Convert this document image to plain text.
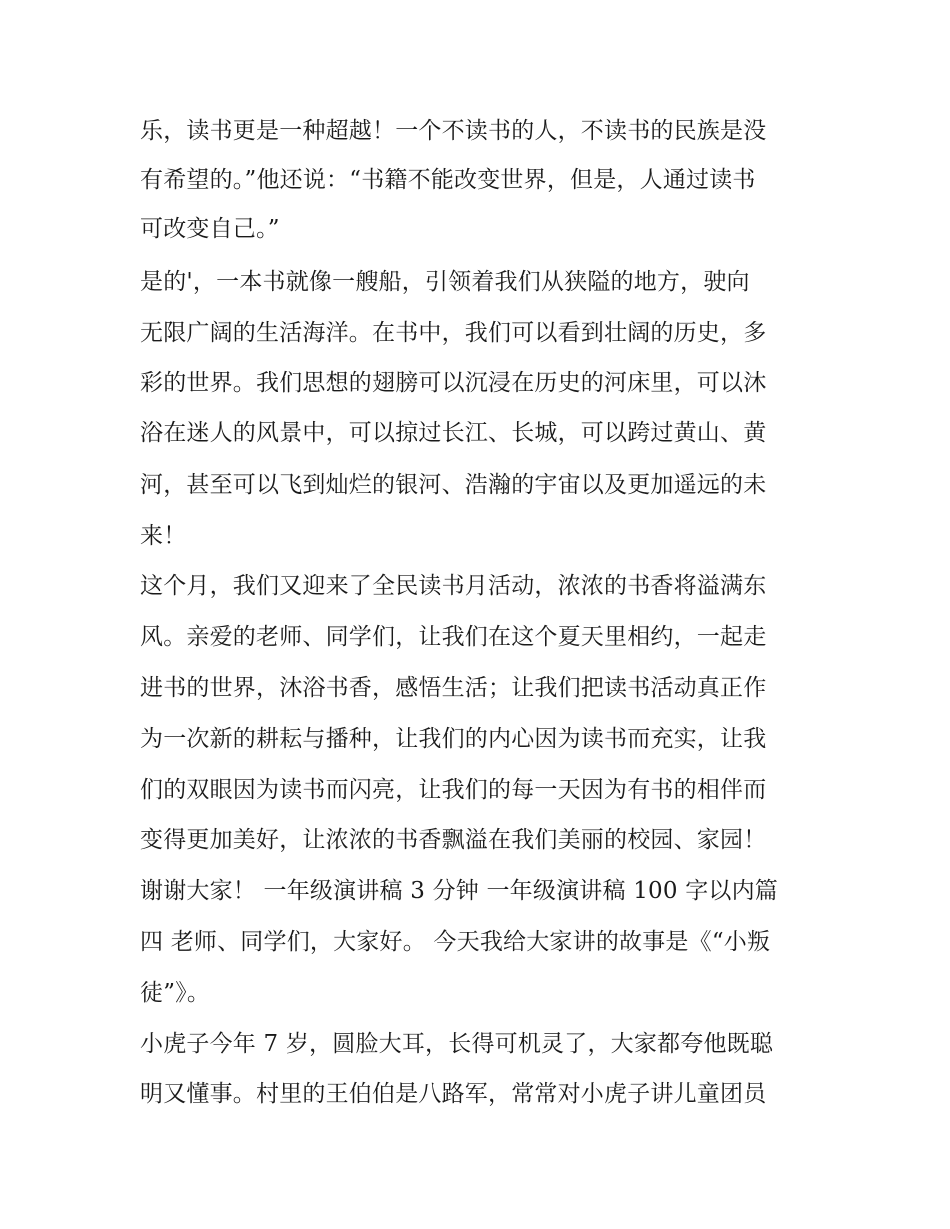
乐，读书更是一种超越！一个不读书的人，不读书的民族是没
有希望的。”他还说：“书籍不能改变世界，但是，人通过读书
可改变自己。”
是的'，一本书就像一艘船，引领着我们从狭隘的地方，驶向
无限广阔的生活海洋。在书中，我们可以看到壮阔的历史，多
彩的世界。我们思想的翅膀可以沉浸在历史的河床里，可以沐
浴在迷人的风景中，可以掠过长江、长城，可以跨过黄山、黄
河，甚至可以飞到灿烂的银河、浩瀚的宇宙以及更加遥远的未
来！
这个月，我们又迎来了全民读书月活动，浓浓的书香将溢满东
风。亲爱的老师、同学们，让我们在这个夏天里相约，一起走
进书的世界，沐浴书香，感悟生活；让我们把读书活动真正作
为一次新的耕耘与播种，让我们的内心因为读书而充实，让我
们的双眼因为读书而闪亮，让我们的每一天因为有书的相伴而
变得更加美好，让浓浓的书香飘溢在我们美丽的校园、家园！
谢谢大家！ 一年级演讲稿 3 分钟 一年级演讲稿 100 字以内篇
四 老师、同学们，大家好。 今天我给大家讲的故事是《“小叛
徒”》。
小虎子今年 7 岁，圆脸大耳，长得可机灵了，大家都夸他既聪
明又懂事。村里的王伯伯是八路军，常常对小虎子讲儿童团员
